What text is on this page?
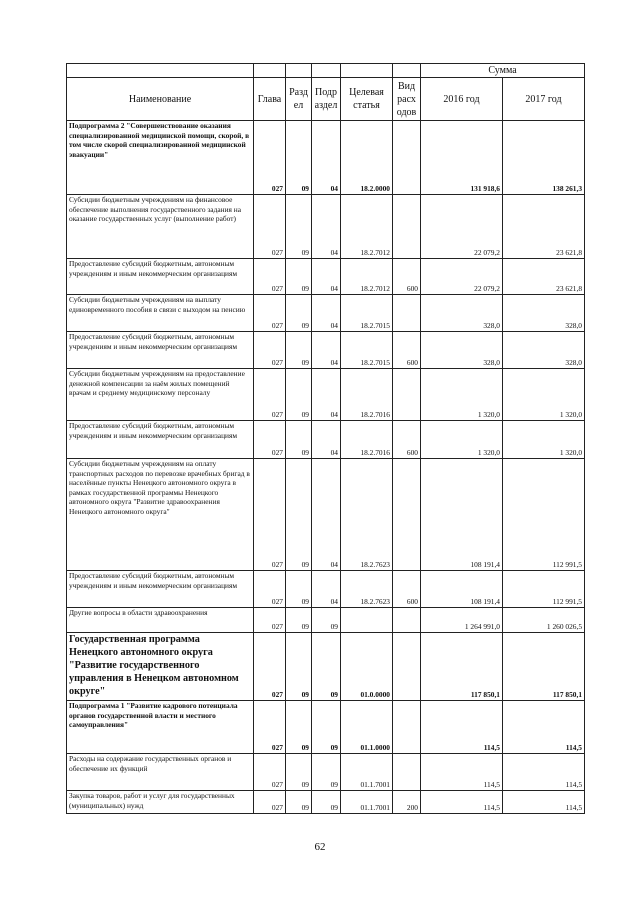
						Сумма	
Наименование	Глава	Разд ел	Подр аздел	Целевая статья	Вид расх одов	2016 год	2017 год
Подпрограмма 2 "Совершенствование оказания специализированной медицинской помощи, скорой, в том числе скорой специализированной медицинской эвакуации"	027	09	04	18.2.0000		131 918,6	138 261,3
Субсидии бюджетным учреждениям на финансовое обеспечение выполнения государственного задания на оказание государственных услуг (выполнение работ)	027	09	04	18.2.7012		22 079,2	23 621,8
Предоставление субсидий бюджетным, автономным учреждениям и иным некоммерческим организациям	027	09	04	18.2.7012	600	22 079,2	23 621,8
Субсидии бюджетным учреждениям на выплату единовременного пособия в связи с выходом на пенсию	027	09	04	18.2.7015		328,0	328,0
Предоставление субсидий бюджетным, автономным учреждениям и иным некоммерческим организациям	027	09	04	18.2.7015	600	328,0	328,0
Субсидии бюджетным учреждениям на предоставление денежной компенсации за наём жилых помещений врачам и среднему медицинскому персоналу	027	09	04	18.2.7016		1 320,0	1 320,0
Предоставление субсидий бюджетным, автономным учреждениям и иным некоммерческим организациям	027	09	04	18.2.7016	600	1 320,0	1 320,0
Субсидии бюджетным учреждениям на оплату транспортных расходов по перевозке врачебных бригад в населённые пункты Ненецкого автономного округа в рамках государственной программы Ненецкого автономного округа "Развитие здравоохранения Ненецкого автономного округа"	027	09	04	18.2.7623		108 191,4	112 991,5
Предоставление субсидий бюджетным, автономным учреждениям и иным некоммерческим организациям	027	09	04	18.2.7623	600	108 191,4	112 991,5
Другие вопросы в области здравоохранения	027	09	09			1 264 991,0	1 260 026,5
Государственная программа Ненецкого автономного округа "Развитие государственного управления в Ненецком автономном округе"	027	09	09	01.0.0000		117 850,1	117 850,1
Подпрограмма 1 "Развитие кадрового потенциала органов государственной власти и местного самоуправления"	027	09	09	01.1.0000		114,5	114,5
Расходы на содержание государственных органов и обеспечение их функций	027	09	09	01.1.7001		114,5	114,5
Закупка товаров, работ и услуг для государственных (муниципальных) нужд	027	09	09	01.1.7001	200	114,5	114,5
62
